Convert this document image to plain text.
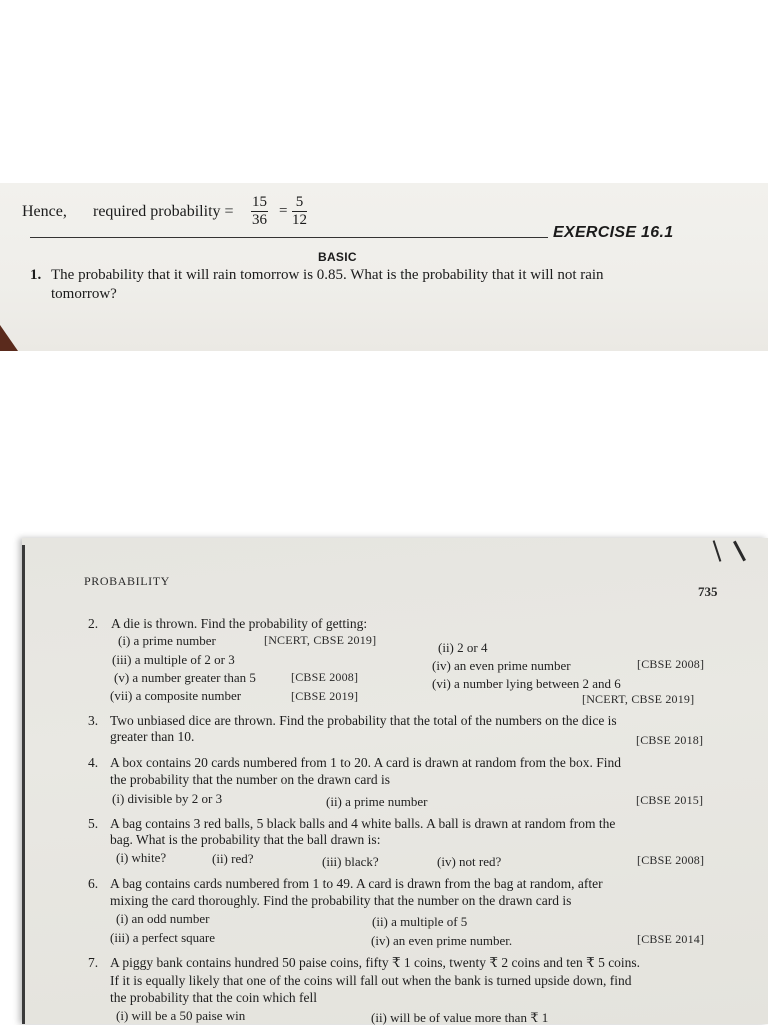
Hence, required probability = $\frac{15}{36} = \frac{5}{12}$
EXERCISE 16.1
BASIC
1. The probability that it will rain tomorrow is 0.85. What is the probability that it will not rain
tomorrow?
PROBABILITY
735
2. A die is thrown. Find the probability of getting:
(i) a prime number	[NCERT, CBSE 2019]	(ii) 2 or 4
(iii) a multiple of 2 or 3	(iv) an even prime number	[CBSE 2008]
(v) a number greater than 5	[CBSE 2008]	(vi) a number lying between 2 and 6
(vii) a composite number	[CBSE 2019]	[NCERT, CBSE 2019]
3. Two unbiased dice are thrown. Find the probability that the total of the numbers on the dice is
greater than 10.	[CBSE 2018]
4. A box contains 20 cards numbered from 1 to 20. A card is drawn at random from the box. Find
the probability that the number on the drawn card is
(i) divisible by 2 or 3	(ii) a prime number	[CBSE 2015]
5. A bag contains 3 red balls, 5 black balls and 4 white balls. A ball is drawn at random from the
bag. What is the probability that the ball drawn is:
(i) white?	(ii) red?	(iii) black?	(iv) not red?	[CBSE 2008]
6. A bag contains cards numbered from 1 to 49. A card is drawn from the bag at random, after
mixing the card thoroughly. Find the probability that the number on the drawn card is
(i) an odd number	(ii) a multiple of 5
(iii) a perfect square	(iv) an even prime number.	[CBSE 2014]
7. A piggy bank contains hundred 50 paise coins, fifty ₹ 1 coins, twenty ₹ 2 coins and ten ₹ 5 coins.
If it is equally likely that one of the coins will fall out when the bank is turned upside down, find
the probability that the coin which fell
(i) will be a 50 paise win	(ii) will be of value more than ₹ 1
